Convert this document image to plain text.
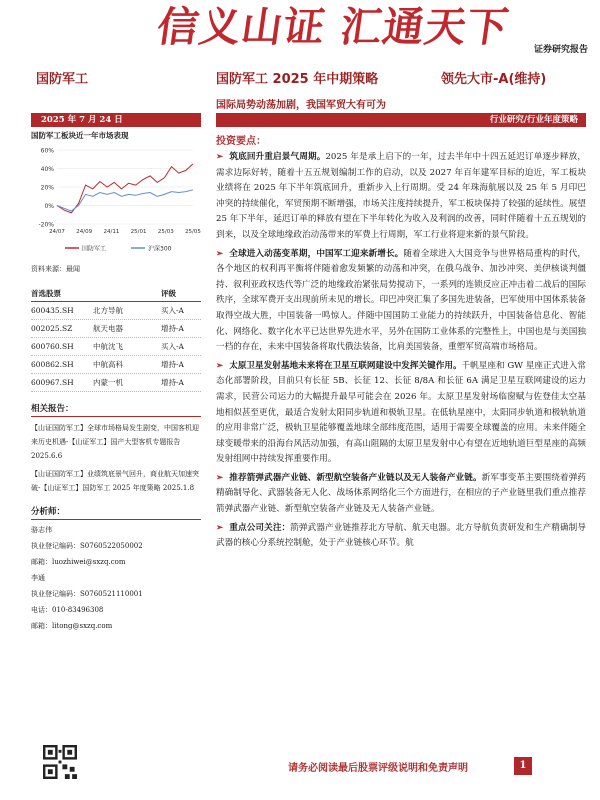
信义山证 汇通天下 证券研究报告
国防军工	国防军工 2025 年中期策略	领先大市-A(维持)
国际局势动荡加剧，我国军贸大有可为
2025 年 7 月 24 日	行业研究/行业年度策略
国防军工板块近一年市场表现
60%
40%
20%
0%
-20%
24/07 24/09 24/11 25/01 25/03 25/05
国防军工	沪深300
资料来源：最闻
首选股票	评级
600435.SH	北方导航	买入-A
002025.SZ	航天电器	增持-A
600760.SH	中航沈飞	买入-A
600862.SH	中航高科	增持-A
600967.SH	内蒙一机	增持-A
相关报告：
【山证国防军工】全球市场格局发生剧变，中国客机迎来历史机遇-【山证军工】国产大型客机专题报告 2025.6.6
【山证国防军工】业绩筑底景气回升，商业航天加速突破-【山证军工】国防军工 2025 年度策略 2025.1.8
分析师：
骆志伟
执业登记编码：S0760522050002
邮箱：luozhiwei@sxzq.com
李通
执业登记编码：S0760521110001
电话：010-83496308
邮箱：litong@sxzq.com
投资要点：

➢ 筑底回升重启景气周期。2025 年是承上启下的一年，过去半年中十四五延迟订单逐步释放，需求边际好转，随着十五五规划编制工作的启动，以及 2027 年百年建军目标的迫近，军工板块业绩将在 2025 年下半年筑底回升，重新步入上行周期。受 24 年珠海航展以及 25 年 5 月印巴冲突的持续催化，军贸预期不断增强，市场关注度持续提升，军工板块保持了较强的延续性。展望 25 年下半年，延迟订单的释放有望在下半年转化为收入及利润的改善，同时伴随着十五五规划的到来，以及全球地缘政治动荡带来的军费上行周期，军工行业将迎来新的景气阶段。

➢ 全球进入动荡变革期，中国军工迎来新增长。随着全球进入大国竞争与世界格局重构的时代，各个地区的权利再平衡将伴随着愈发频繁的动荡和冲突，在俄乌战争、加沙冲突、美伊核谈判僵持、叙利亚政权迭代等广泛的地缘政治紧张局势搅动下，一系列的连锁反应正冲击着二战后的国际秩序，全球军费开支出现前所未见的增长。印巴冲突汇集了多国先进装备，巴军使用中国体系装备取得空战大胜，中国装备一鸣惊人。伴随中国国防工业能力的持续跃升，中国装备信息化、智能化、网络化、数字化水平已达世界先进水平，另外在国防工业体系的完整性上，中国也是与美国独一档的存在，未来中国装备将取代俄法装备，比肩美国装备，重塑军贸高端市场格局。

➢ 太原卫星发射基地未来将在卫星互联网建设中发挥关键作用。千帆星座和 GW 星座正式进入常态化部署阶段，目前只有长征 5B、长征 12、长征 8/8A 和长征 6A 满足卫星互联网建设的运力需求，民营公司运力的大幅提升最早可能会在 2026 年。太原卫星发射场临窗赋与佐登佳太空基地相似甚至更优，最适合发射太阳同步轨道和极轨卫星。在低轨星座中，太阳同步轨道和极轨轨道的应用非常广泛，极轨卫星能够覆盖地球全部纬度范围，适用于需要全球覆盖的应用。未来伴随全球变暖带来的沿海台风活动加强，有高山阻隔的太原卫星发射中心有望在近地轨道巨型星座的高频发射组网中持续发挥重要作用。

➢ 推荐箭弹武器产业链、新型航空装备产业链以及无人装备产业链。新军事变革主要围绕着弹药精确制导化、武器装备无人化、战场体系网络化三个方面进行，在相应的子产业链里我们重点推荐箭弹武器产业链、新型航空装备产业链及无人装备产业链。

➢ 重点公司关注：箭弹武器产业链推荐北方导航、航天电器。北方导航负责研发和生产精确制导武器的核心分系统控制舱，处于产业链核心环节。航

请务必阅读最后股票评级说明和免责声明	1
